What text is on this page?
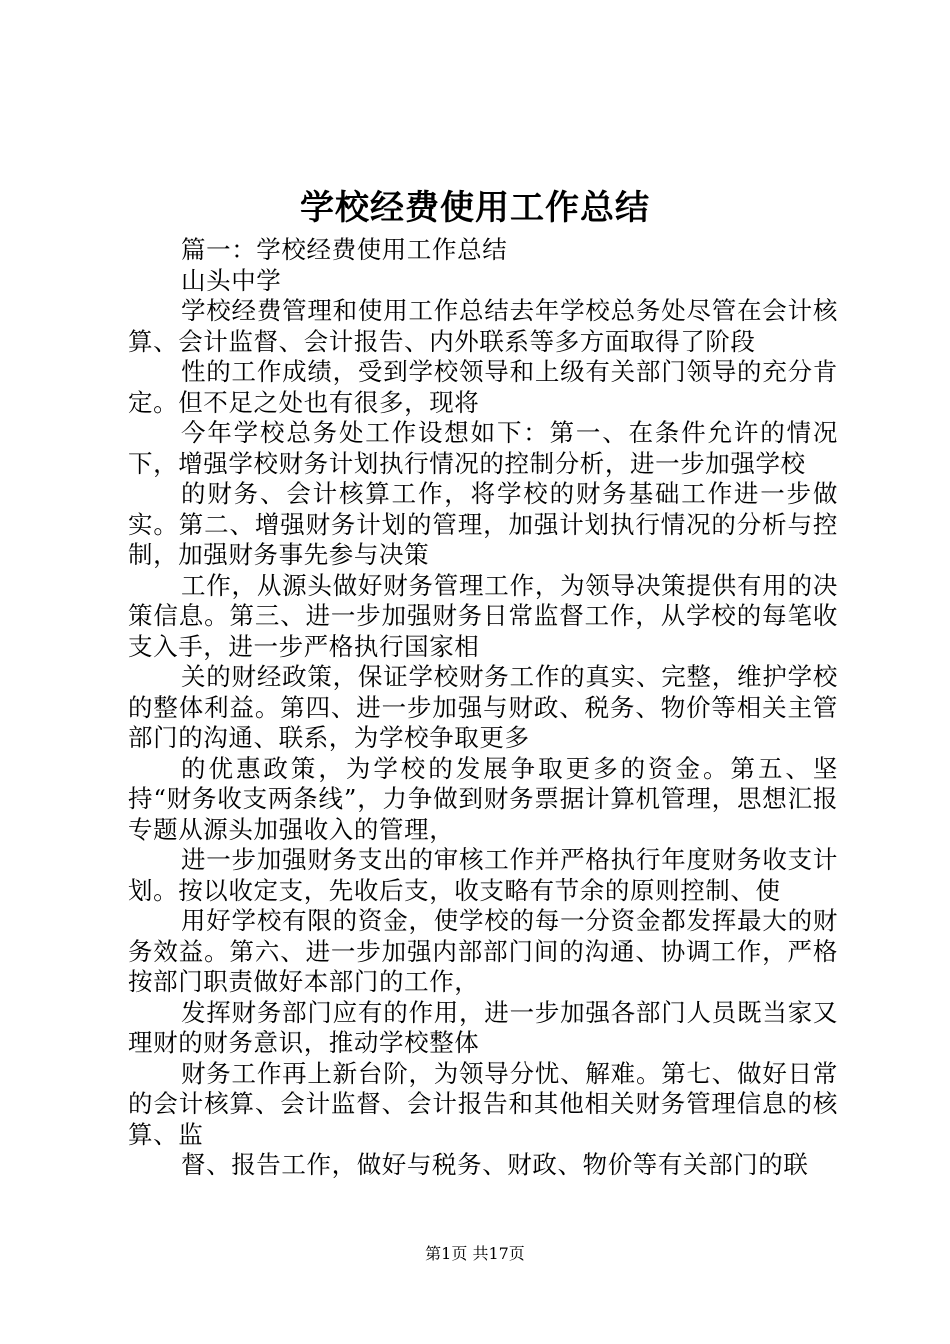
学校经费使用工作总结

篇一：学校经费使用工作总结

山头中学

学校经费管理和使用工作总结去年学校总务处尽管在会计核算、会计监督、会计报告、内外联系等多方面取得了阶段

性的工作成绩，受到学校领导和上级有关部门领导的充分肯定。但不足之处也有很多，现将

今年学校总务处工作设想如下：第一、在条件允许的情况下，增强学校财务计划执行情况的控制分析，进一步加强学校

的财务、会计核算工作，将学校的财务基础工作进一步做实。第二、增强财务计划的管理，加强计划执行情况的分析与控制，加强财务事先参与决策

工作，从源头做好财务管理工作，为领导决策提供有用的决策信息。第三、进一步加强财务日常监督工作，从学校的每笔收支入手，进一步严格执行国家相

关的财经政策，保证学校财务工作的真实、完整，维护学校的整体利益。第四、进一步加强与财政、税务、物价等相关主管部门的沟通、联系，为学校争取更多

的优惠政策，为学校的发展争取更多的资金。第五、坚持“财务收支两条线”，力争做到财务票据计算机管理，思想汇报专题从源头加强收入的管理，

进一步加强财务支出的审核工作并严格执行年度财务收支计划。按以收定支，先收后支，收支略有节余的原则控制、使

用好学校有限的资金，使学校的每一分资金都发挥最大的财务效益。第六、进一步加强内部部门间的沟通、协调工作，严格按部门职责做好本部门的工作，

发挥财务部门应有的作用，进一步加强各部门人员既当家又理财的财务意识，推动学校整体

财务工作再上新台阶，为领导分忧、解难。第七、做好日常的会计核算、会计监督、会计报告和其他相关财务管理信息的核算、监

督、报告工作，做好与税务、财政、物价等有关部门的联

第1页 共17页
